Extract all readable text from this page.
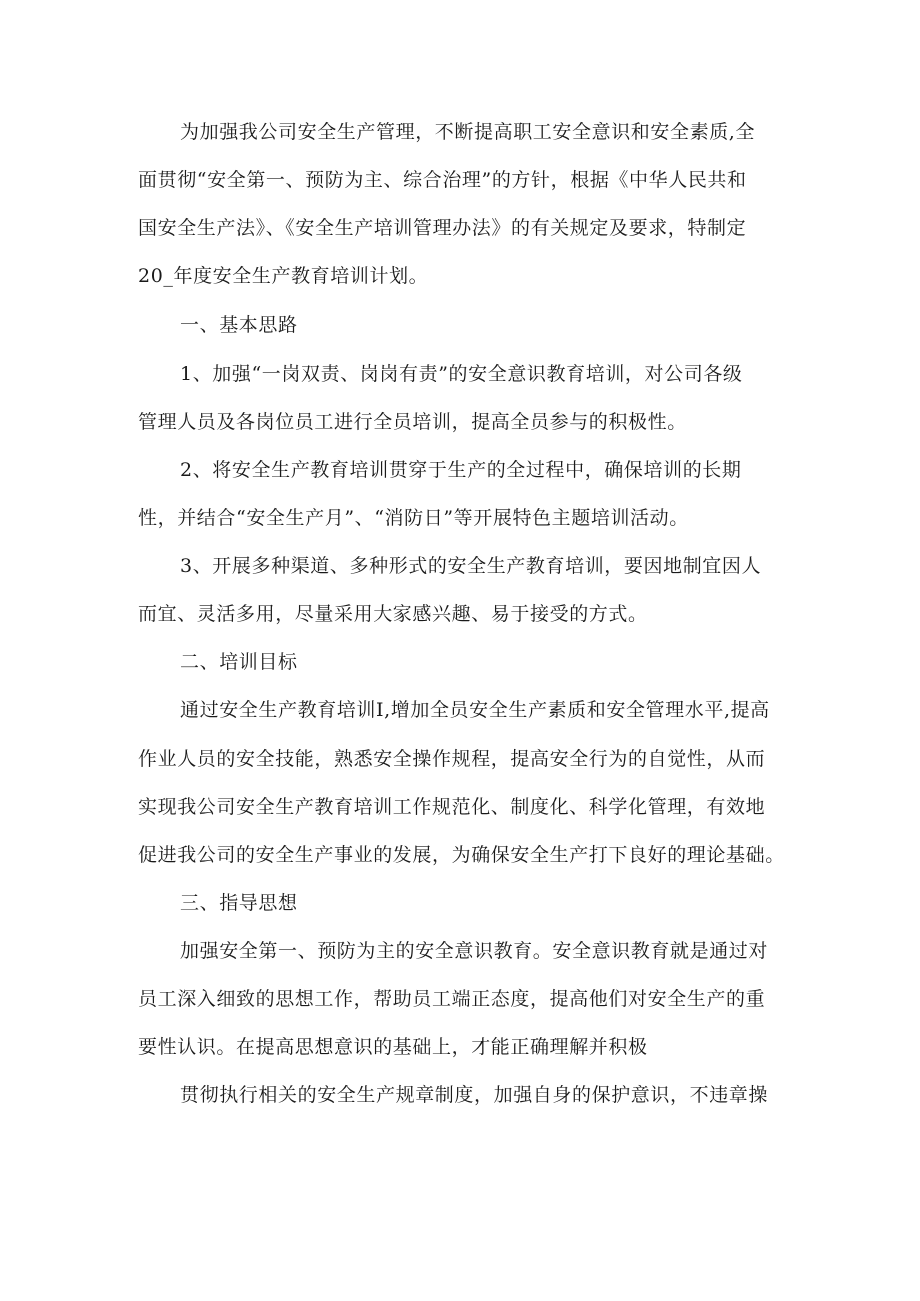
为加强我公司安全生产管理，不断提高职工安全意识和安全素质,全
面贯彻“安全第一、预防为主、综合治理”的方针，根据《中华人民共和
国安全生产法》、《安全生产培训管理办法》的有关规定及要求，特制定
20_年度安全生产教育培训计划。
一、基本思路
1、加强“一岗双责、岗岗有责”的安全意识教育培训，对公司各级
管理人员及各岗位员工进行全员培训，提高全员参与的积极性。
2、将安全生产教育培训贯穿于生产的全过程中，确保培训的长期
性，并结合“安全生产月”、“消防日”等开展特色主题培训活动。
3、开展多种渠道、多种形式的安全生产教育培训，要因地制宜因人
而宜、灵活多用，尽量采用大家感兴趣、易于接受的方式。
二、培训目标
通过安全生产教育培训I,增加全员安全生产素质和安全管理水平,提高
作业人员的安全技能，熟悉安全操作规程，提高安全行为的自觉性，从而
实现我公司安全生产教育培训工作规范化、制度化、科学化管理，有效地
促进我公司的安全生产事业的发展，为确保安全生产打下良好的理论基础。
三、指导思想
加强安全第一、预防为主的安全意识教育。安全意识教育就是通过对
员工深入细致的思想工作，帮助员工端正态度，提高他们对安全生产的重
要性认识。在提高思想意识的基础上，才能正确理解并积极
贯彻执行相关的安全生产规章制度，加强自身的保护意识，不违章操
